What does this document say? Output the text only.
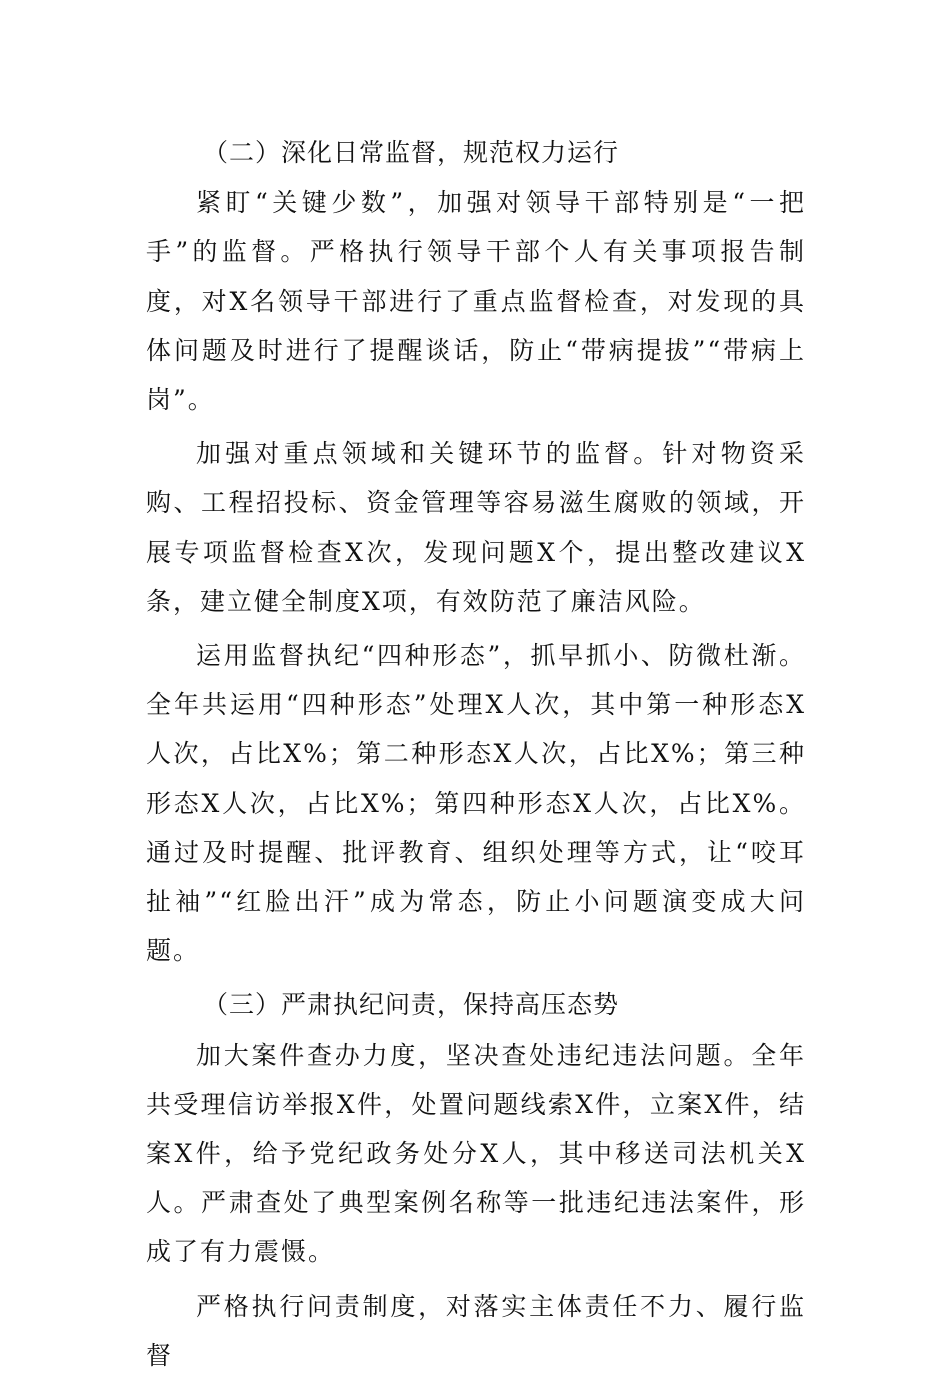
（二）深化日常监督，规范权力运行

紧盯“关键少数”，加强对领导干部特别是“一把手”的监督。严格执行领导干部个人有关事项报告制度，对X名领导干部进行了重点监督检查，对发现的具体问题及时进行了提醒谈话，防止“带病提拔”“带病上岗”。

加强对重点领域和关键环节的监督。针对物资采购、工程招投标、资金管理等容易滋生腐败的领域，开展专项监督检查X次，发现问题X个，提出整改建议X条，建立健全制度X项，有效防范了廉洁风险。

运用监督执纪“四种形态”，抓早抓小、防微杜渐。全年共运用“四种形态”处理X人次，其中第一种形态X人次，占比X%；第二种形态X人次，占比X%；第三种形态X人次，占比X%；第四种形态X人次，占比X%。通过及时提醒、批评教育、组织处理等方式，让“咬耳扯袖”“红脸出汗”成为常态，防止小问题演变成大问题。

（三）严肃执纪问责，保持高压态势

加大案件查办力度，坚决查处违纪违法问题。全年共受理信访举报X件，处置问题线索X件，立案X件，结案X件，给予党纪政务处分X人，其中移送司法机关X人。严肃查处了典型案例名称等一批违纪违法案件，形成了有力震慑。

严格执行问责制度，对落实主体责任不力、履行监督
